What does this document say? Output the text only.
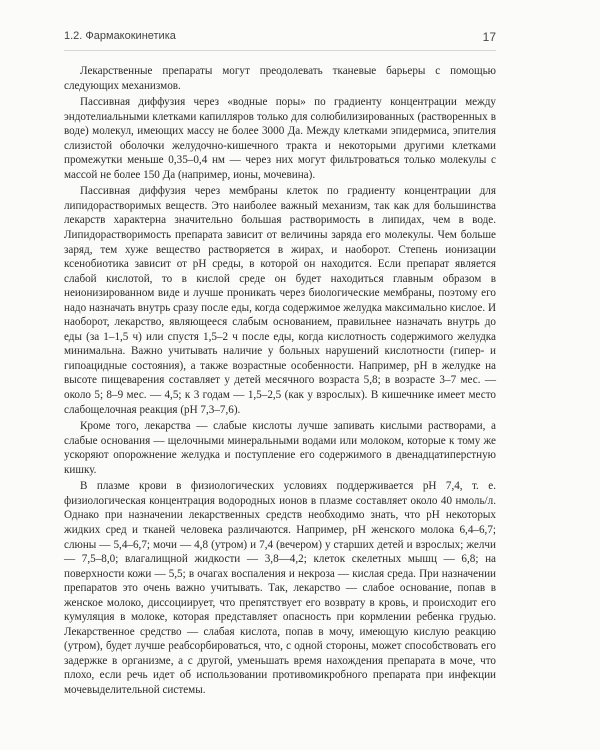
1.2. Фармакокинетика	17

Лекарственные препараты могут преодолевать тканевые барьеры с помощью следующих механизмов.

Пассивная диффузия через «водные поры» по градиенту концентрации между эндотелиальными клетками капилляров только для солюбилизированных (растворенных в воде) молекул, имеющих массу не более 3000 Да. Между клетками эпидермиса, эпителия слизистой оболочки желудочно-кишечного тракта и некоторыми другими клетками промежутки меньше 0,35–0,4 нм — через них могут фильтроваться только молекулы с массой не более 150 Да (например, ионы, мочевина).

Пассивная диффузия через мембраны клеток по градиенту концентрации для липидорастворимых веществ. Это наиболее важный механизм, так как для большинства лекарств характерна значительно большая растворимость в липидах, чем в воде. Липидорастворимость препарата зависит от величины заряда его молекулы. Чем больше заряд, тем хуже вещество растворяется в жирах, и наоборот. Степень ионизации ксенобиотика зависит от pH среды, в которой он находится. Если препарат является слабой кислотой, то в кислой среде он будет находиться главным образом в неионизированном виде и лучше проникать через биологические мембраны, поэтому его надо назначать внутрь сразу после еды, когда содержимое желудка максимально кислое. И наоборот, лекарство, являющееся слабым основанием, правильнее назначать внутрь до еды (за 1–1,5 ч) или спустя 1,5–2 ч после еды, когда кислотность содержимого желудка минимальна. Важно учитывать наличие у больных нарушений кислотности (гипер- и гипоацидные состояния), а также возрастные особенности. Например, pH в желудке на высоте пищеварения составляет у детей месячного возраста 5,8; в возрасте 3–7 мес. — около 5; 8–9 мес. — 4,5; к 3 годам — 1,5–2,5 (как у взрослых). В кишечнике имеет место слабощелочная реакция (pH 7,3–7,6).

Кроме того, лекарства — слабые кислоты лучше запивать кислыми растворами, а слабые основания — щелочными минеральными водами или молоком, которые к тому же ускоряют опорожнение желудка и поступление его содержимого в двенадцатиперстную кишку.

В плазме крови в физиологических условиях поддерживается pH 7,4, т. е. физиологическая концентрация водородных ионов в плазме составляет около 40 нмоль/л. Однако при назначении лекарственных средств необходимо знать, что pH некоторых жидких сред и тканей человека различаются. Например, pH женского молока 6,4–6,7; слюны — 5,4–6,7; мочи — 4,8 (утром) и 7,4 (вечером) у старших детей и взрослых; желчи — 7,5–8,0; влагалищной жидкости — 3,8—4,2; клеток скелетных мышц — 6,8; на поверхности кожи — 5,5; в очагах воспаления и некроза — кислая среда. При назначении препаратов это очень важно учитывать. Так, лекарство — слабое основание, попав в женское молоко, диссоциирует, что препятствует его возврату в кровь, и происходит его кумуляция в молоке, которая представляет опасность при кормлении ребенка грудью. Лекарственное средство — слабая кислота, попав в мочу, имеющую кислую реакцию (утром), будет лучше реабсорбироваться, что, с одной стороны, может способствовать его задержке в организме, а с другой, уменьшать время нахождения препарата в моче, что плохо, если речь идет об использовании противомикробного препарата при инфекции мочевыделительной системы.
